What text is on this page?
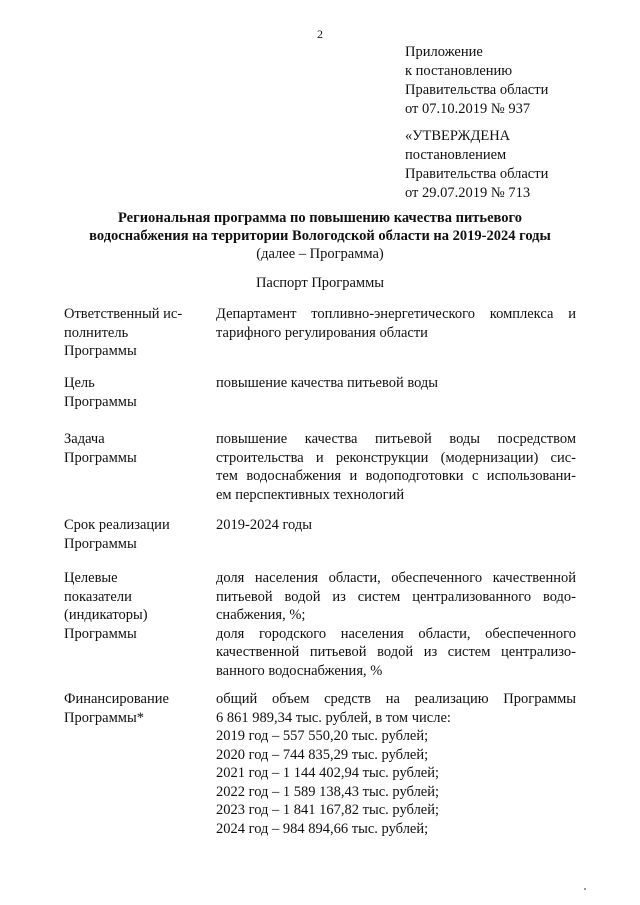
2
Приложение
к постановлению
Правительства области
от 07.10.2019 № 937
«УТВЕРЖДЕНА
постановлением
Правительства области
от 29.07.2019 № 713
Региональная программа по повышению качества питьевого
водоснабжения на территории Вологодской области на 2019-2024 годы
(далее – Программа)
Паспорт Программы
Ответственный ис-
полнитель
Программы
Департамент топливно-энергетического комплекса и
тарифного регулирования области
Цель
Программы
повышение качества питьевой воды
Задача
Программы
повышение качества питьевой воды посредством
строительства и реконструкции (модернизации) сис-
тем водоснабжения и водоподготовки с использовани-
ем перспективных технологий
Срок реализации
Программы
2019-2024 годы
Целевые
показатели
(индикаторы)
Программы
доля населения области, обеспеченного качественной
питьевой водой из систем централизованного водо-
снабжения, %;
доля городского населения области, обеспеченного
качественной питьевой водой из систем централизо-
ванного водоснабжения, %
Финансирование
Программы*
общий объем средств на реализацию Программы
6 861 989,34 тыс. рублей, в том числе:
2019 год – 557 550,20 тыс. рублей;
2020 год – 744 835,29 тыс. рублей;
2021 год – 1 144 402,94 тыс. рублей;
2022 год – 1 589 138,43 тыс. рублей;
2023 год – 1 841 167,82 тыс. рублей;
2024 год – 984 894,66 тыс. рублей;
